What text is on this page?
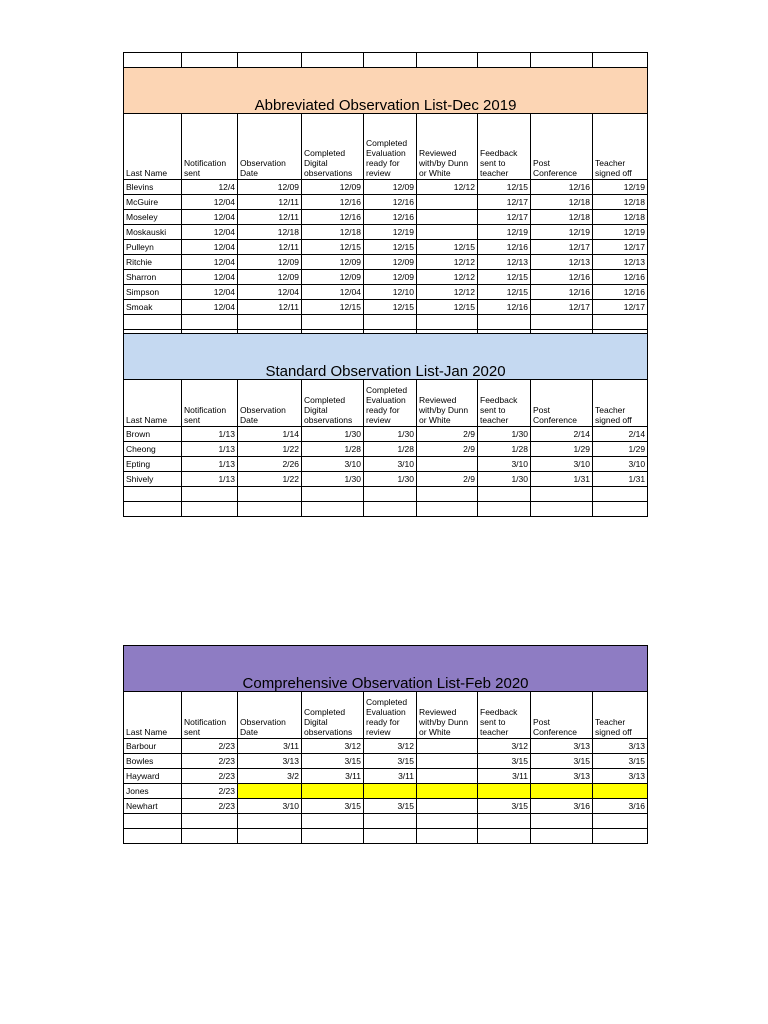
Abbreviated Observation List-Dec 2019								
Last Name	Notification sent	Observation Date	Completed Digital observations	Completed Evaluation ready for review	Reviewed with/by Dunn or White	Feedback sent to teacher	Post Conference	Teacher signed off
Blevins	12/4	12/09	12/09	12/09	12/12	12/15	12/16	12/19
McGuire	12/04	12/11	12/16	12/16		12/17	12/18	12/18
Moseley	12/04	12/11	12/16	12/16		12/17	12/18	12/18
Moskauski	12/04	12/18	12/18	12/19		12/19	12/19	12/19
Pulleyn	12/04	12/11	12/15	12/15	12/15	12/16	12/17	12/17
Ritchie	12/04	12/09	12/09	12/09	12/12	12/13	12/13	12/13
Sharron	12/04	12/09	12/09	12/09	12/12	12/15	12/16	12/16
Simpson	12/04	12/04	12/04	12/10	12/12	12/15	12/16	12/16
Smoak	12/04	12/11	12/15	12/15	12/15	12/16	12/17	12/17

Standard Observation List-Jan 2020								
Last Name	Notification sent	Observation Date	Completed Digital observations	Completed Evaluation ready for review	Reviewed with/by Dunn or White	Feedback sent to teacher	Post Conference	Teacher signed off
Brown	1/13	1/14	1/30	1/30	2/9	1/30	2/14	2/14
Cheong	1/13	1/22	1/28	1/28	2/9	1/28	1/29	1/29
Epting	1/13	2/26	3/10	3/10		3/10	3/10	3/10
Shively	1/13	1/22	1/30	1/30	2/9	1/30	1/31	1/31

Comprehensive Observation List-Feb 2020								
Last Name	Notification sent	Observation Date	Completed Digital observations	Completed Evaluation ready for review	Reviewed with/by Dunn or White	Feedback sent to teacher	Post Conference	Teacher signed off
Barbour	2/23	3/11	3/12	3/12		3/12	3/13	3/13
Bowles	2/23	3/13	3/15	3/15		3/15	3/15	3/15
Hayward	2/23	3/2	3/11	3/11		3/11	3/13	3/13
Jones	2/23							
Newhart	2/23	3/10	3/15	3/15		3/15	3/16	3/16
